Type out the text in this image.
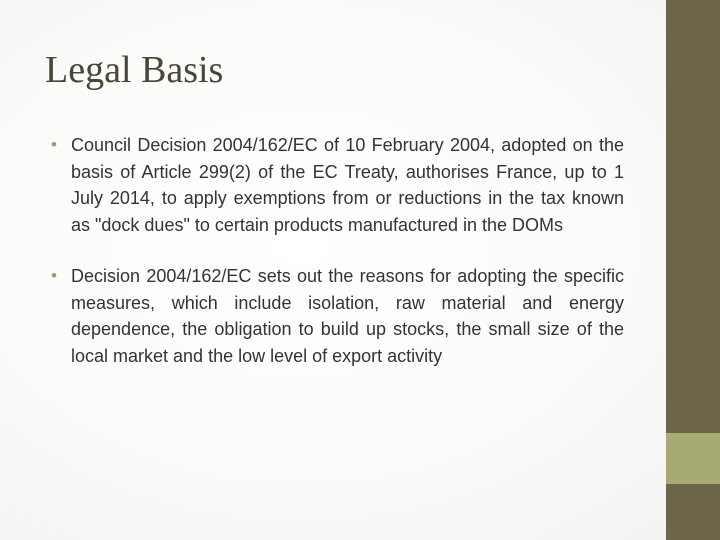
Legal Basis
• Council Decision 2004/162/EC of 10 February 2004, adopted on the basis of Article 299(2) of the EC Treaty, authorises France, up to 1 July 2014, to apply exemptions from or reductions in the tax known as "dock dues" to certain products manufactured in the DOMs
• Decision 2004/162/EC sets out the reasons for adopting the specific measures, which include isolation, raw material and energy dependence, the obligation to build up stocks, the small size of the local market and the low level of export activity
